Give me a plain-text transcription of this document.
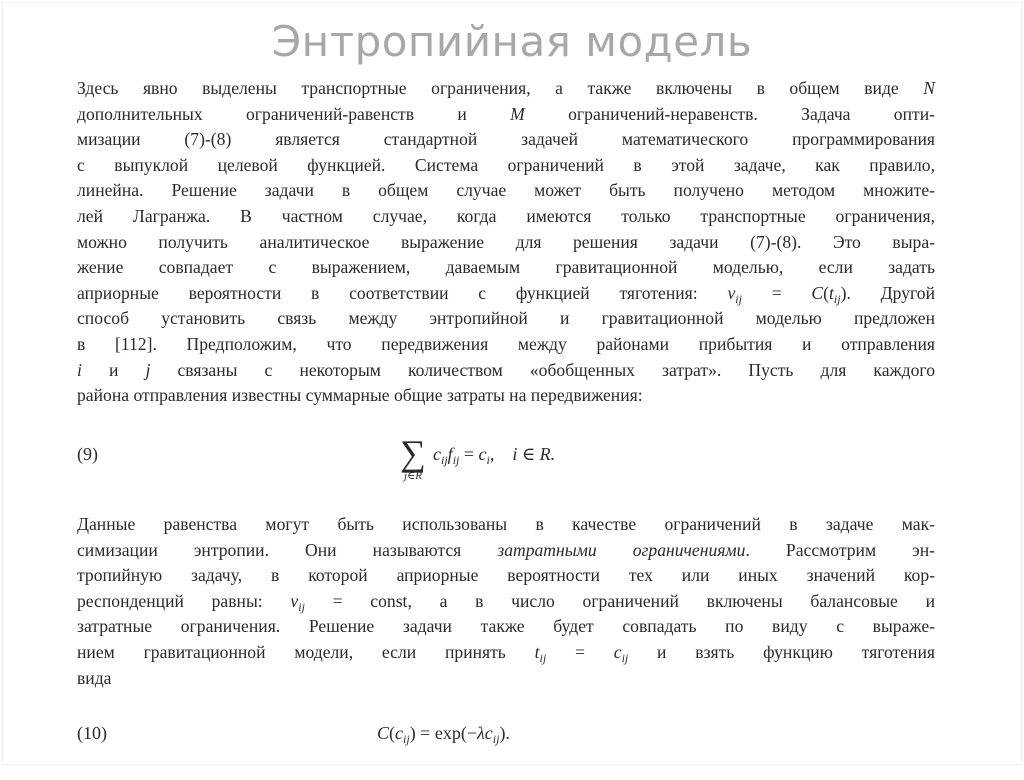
Энтропийная модель
Здесь явно выделены транспортные ограничения, а также включены в общем виде N
дополнительных ограничений-равенств и M ограничений-неравенств. Задача опти-
мизации (7)-(8) является стандартной задачей математического программирования
с выпуклой целевой функцией. Система ограничений в этой задаче, как правило,
линейна. Решение задачи в общем случае может быть получено методом множите-
лей Лагранжа. В частном случае, когда имеются только транспортные ограничения,
можно получить аналитическое выражение для решения задачи (7)-(8). Это выра-
жение совпадает с выражением, даваемым гравитационной моделью, если задать
априорные вероятности в соответствии с функцией тяготения: $\nu_{ij} = C(t_{ij})$. Другой
способ установить связь между энтропийной и гравитационной моделью предложен
в [112]. Предположим, что передвижения между районами прибытия и отправления
i и j связаны с некоторым количеством «обобщенных затрат». Пусть для каждого
района отправления известны суммарные общие затраты на передвижения:
(9)	∑
j∈R
$c_{ij}f_{ij} = c_i$,    i ∈ R.
Данные равенства могут быть использованы в качестве ограничений в задаче мак-
симизации энтропии. Они называются затратными ограничениями. Рассмотрим эн-
тропийную задачу, в которой априорные вероятности тех или иных значений кор-
респонденций равны: $\nu_{ij}$ = const, а в число ограничений включены балансовые и
затратные ограничения. Решение задачи также будет совпадать по виду с выраже-
нием гравитационной модели, если принять $t_{ij} = c_{ij}$ и взять функцию тяготения
вида
(10)	$C(c_{ij}) = \exp(-\lambda c_{ij})$.
